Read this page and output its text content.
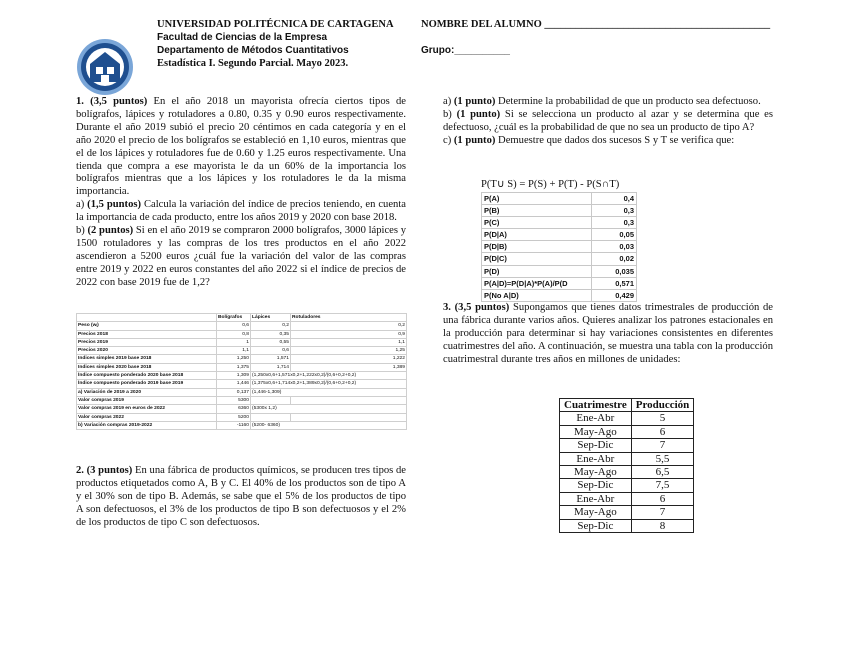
UNIVERSIDAD POLITÉCNICA DE CARTAGENA
Facultad de Ciencias de la Empresa
Departamento de Métodos Cuantitativos
Estadística I. Segundo Parcial. Mayo 2023.
NOMBRE DEL ALUMNO ___________________________________________
Grupo:__________

1. (3,5 puntos) En el año 2018 un mayorista ofrecía ciertos tipos de bolígrafos, lápices y rotuladores a 0.80, 0.35 y 0.90 euros respectivamente. Durante el año 2019 subió el precio 20 céntimos en cada categoría y en el año 2020 el precio de los bolígrafos se estableció en 1,10 euros, mientras que el de los lápices y rotuladores fue de 0.60 y 1.25 euros respectivamente. Una tienda que compra a ese mayorista le da un 60% de la importancia los bolígrafos mientras que a los lápices y los rotuladores le da la misma importancia.

a) (1,5 puntos) Calcula la variación del índice de precios teniendo, en cuenta la importancia de cada producto, entre los años 2019 y 2020 con base 2018.

b) (2 puntos) Si en el año 2019 se compraron 2000 bolígrafos, 3000 lápices y 1500 rotuladores y las compras de los tres productos en el año 2022 ascendieron a 5200 euros ¿cuál fue la variación del valor de las compras entre 2019 y 2022 en euros constantes del año 2022 si el índice de precios de 2022 con base 2019 fue de 1,2?

	Bolígrafos	Lápices	Rotuladores
Peso (wᵢ)	0,6	0,2	0,2
Precios 2018	0,8	0,35	0,9
Precios 2019	1	0,55	1,1
Precios 2020	1,1	0,6	1,25
Indices simples 2019 base 2018	1,250	1,571	1,222
Indices simples 2020 base 2018	1,375	1,714	1,389
Índice compuesto ponderado 2020 base 2018	1,309	(1,250x0,6+1,571x0,2+1,222x0,2)/(0,6+0,2+0,2)	
Índice compuesto ponderado 2019 base 2019	1,446	(1,375x0,6+1,714x0,2+1,389x0,2)/(0,6+0,2+0,2)	
a) Variación de 2019 a 2020	0,137	(1,446-1,309)	
Valor compras 2019	5300		
Valor compras 2019 en euros de 2022	6360	(5300x 1,2)	
Valor compras 2022	5200		
b) Variación compras 2019-2022	-1160	(5200- 6360)	
2. (3 puntos) En una fábrica de productos químicos, se producen tres tipos de productos etiquetados como A, B y C. El 40% de los productos son de tipo A y el 30% son de tipo B. Además, se sabe que el 5% de los productos de tipo A son defectuosos, el 3% de los productos de tipo B son defectuosos y el 2% de los productos de tipo C son defectuosos.

a) (1 punto) Determine la probabilidad de que un producto sea defectuoso.

b) (1 punto) Si se selecciona un producto al azar y se determina que es defectuoso, ¿cuál es la probabilidad de que no sea un producto de tipo A?

c) (1 punto) Demuestre que dados dos sucesos S y T se verifica que:

P(T∪ S) = P(S) + P(T) - P(S∩T)
P(A)	0,4
P(B)	0,3
P(C)	0,3
P(D|A)	0,05
P(D|B)	0,03
P(D|C)	0,02
P(D)	0,035
P(A|D)=P(D|A)*P(A)/P(D	0,571
P(No A|D)	0,429
3. (3,5 puntos) Supongamos que tienes datos trimestrales de producción de una fábrica durante varios años. Quieres analizar los patrones estacionales en la producción para determinar si hay variaciones consistentes en diferentes cuatrimestres del año. A continuación, se muestra una tabla con la producción cuatrimestral durante tres años en millones de unidades:
Cuatrimestre	Producción
Ene-Abr	5
May-Ago	6
Sep-Dic	7
Ene-Abr	5,5
May-Ago	6,5
Sep-Dic	7,5
Ene-Abr	6
May-Ago	7
Sep-Dic	8
